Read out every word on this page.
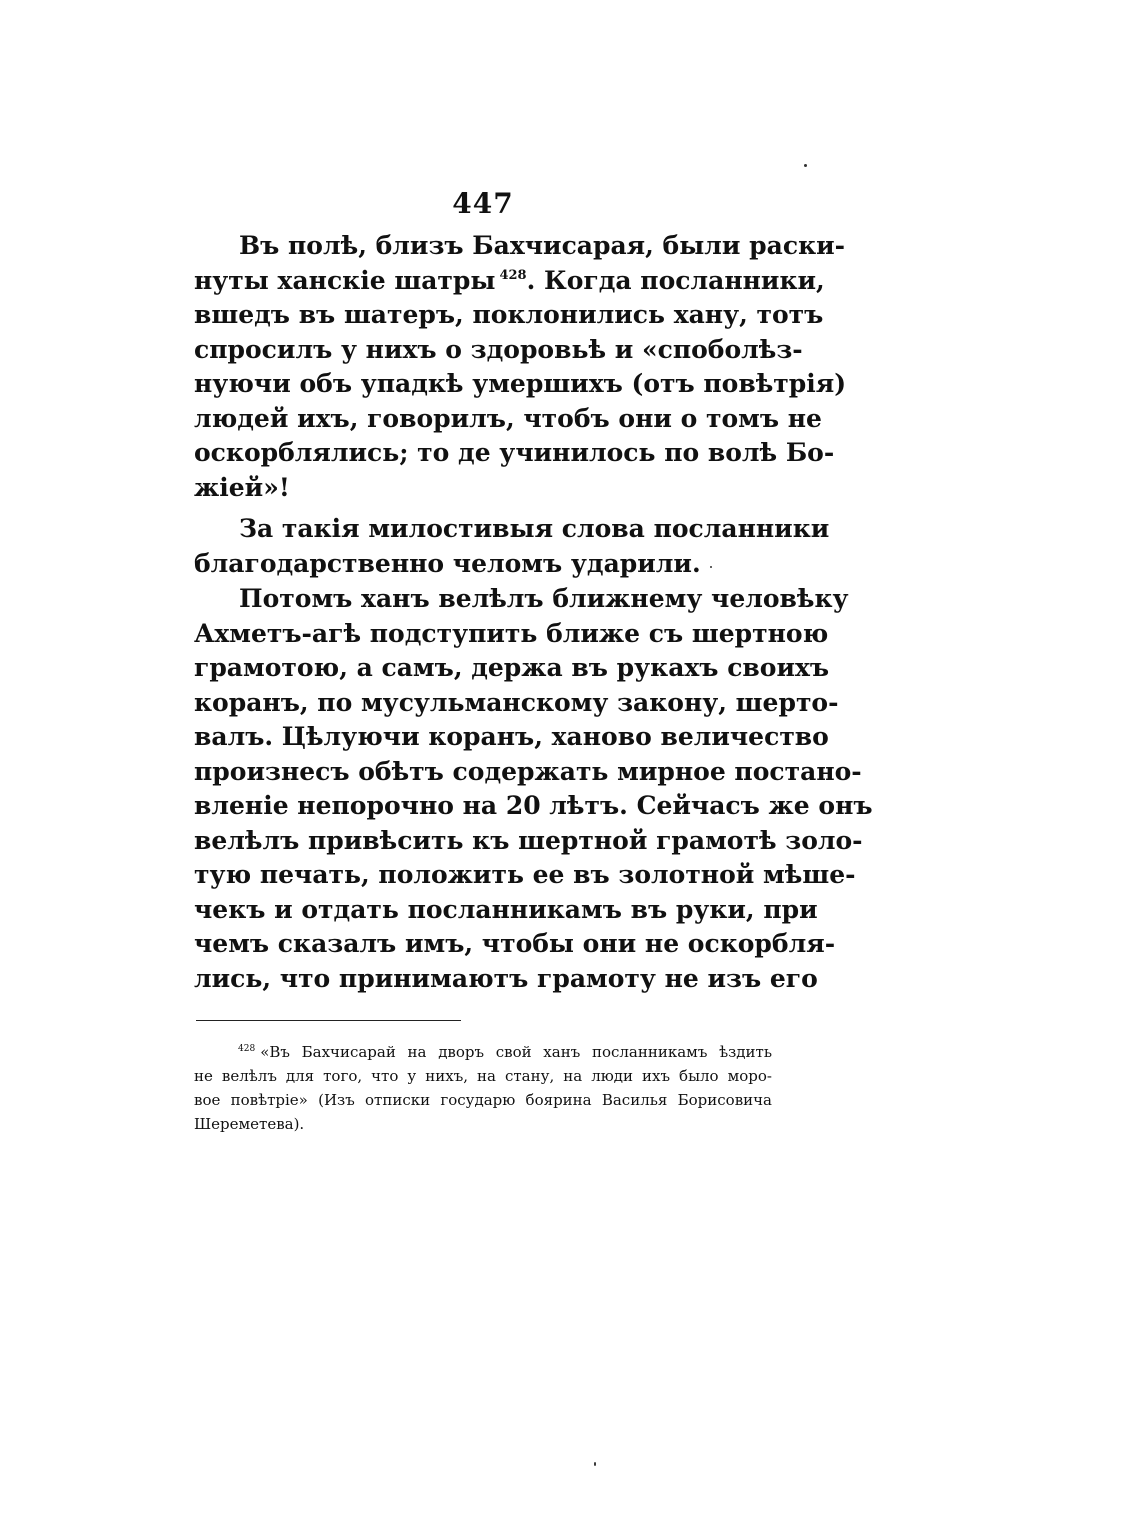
447
Въ полѣ, близъ Бахчисарая, были раски-
нуты ханскіе шатры $^{428}$. Когда посланники,
вшедъ въ шатеръ, поклонились хану, тотъ
спросилъ у нихъ о здоровьѣ и «споболѣз-
нуючи объ упадкѣ умершихъ (отъ повѣтрія)
людей ихъ, говорилъ, чтобъ они о томъ не
оскорблялись; то де учинилось по волѣ Бо-
жіей»!
За такія милостивыя слова посланники
благодарственно челомъ ударили.
Потомъ ханъ велѣлъ ближнему человѣку
Ахметъ-агѣ подступить ближе съ шертною
грамотою, а самъ, держа въ рукахъ своихъ
коранъ, по мусульманскому закону, шерто-
валъ. Цѣлуючи коранъ, ханово величество
произнесъ обѣтъ содержать мирное постано-
вленіе непорочно на 20 лѣтъ. Сейчасъ же онъ
велѣлъ привѣсить къ шертной грамотѣ золо-
тую печать, положить ее въ золотной мѣше-
чекъ и отдать посланникамъ въ руки, при
чемъ сказалъ имъ, чтобы они не оскорбля-
лись, что принимаютъ грамоту не изъ его
$^{428}$ «Въ Бахчисарай на дворъ свой ханъ посланникамъ ѣздить
не велѣлъ для того, что у нихъ, на стану, на люди ихъ было моро-
вое повѣтріе» (Изъ отписки государю боярина Василья Борисовича
Шереметева).
